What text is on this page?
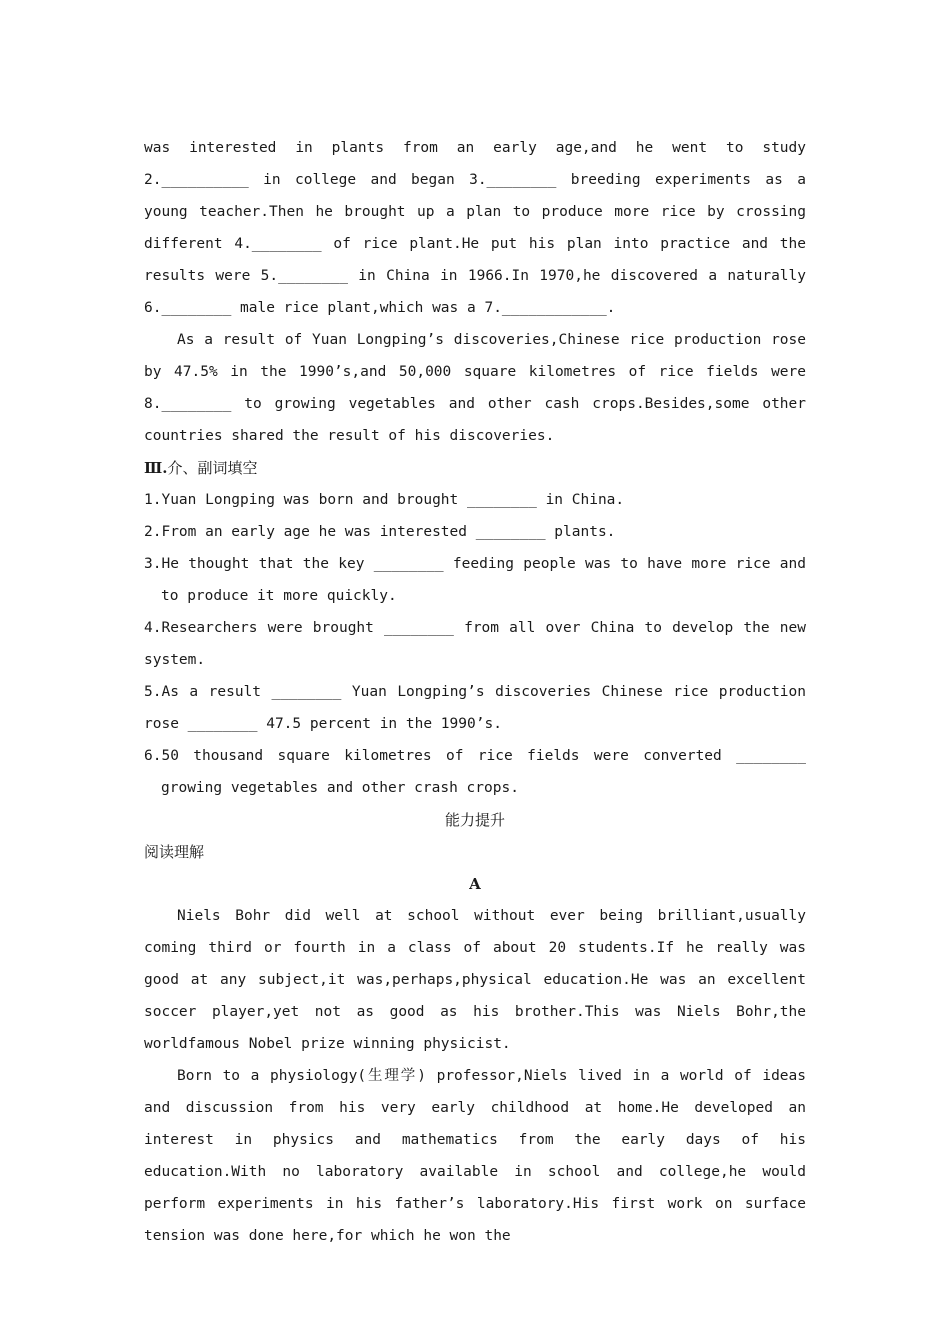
was interested in plants from an early age,and he went to study 2.__________ in college and began 3.________ breeding experiments as a young teacher.Then he brought up a plan to produce more rice by crossing different 4.________ of rice plant.He put his plan into practice and the results were 5.________ in China in 1966.In 1970,he discovered a naturally 6.________ male rice plant,which was a 7.____________.

As a result of Yuan Longping’s discoveries,Chinese rice production rose by 47.5% in the 1990’s,and 50,000 square kilometres of rice fields were 8.________ to growing vegetables and other cash crops.Besides,some other countries shared the result of his discoveries.

Ⅲ.介、副词填空

1.Yuan Longping was born and brought ________ in China.

2.From an early age he was interested ________ plants.

3.He thought that the key ________ feeding people was to have more rice and to produce it more quickly.

4.Researchers were brought ________ from all over China to develop the new system.

5.As a result ________ Yuan Longping’s discoveries Chinese rice production rose ________ 47.5 percent in the 1990’s.

6.50 thousand square kilometres of rice fields were converted ________ growing vegetables and other crash crops.

能力提升

阅读理解

A

Niels Bohr did well at school without ever being brilliant,usually coming third or fourth in a class of about 20 students.If he really was good at any subject,it was,perhaps,physical education.He was an excellent soccer player,yet not as good as his brother.This was Niels Bohr,the worldfamous Nobel prize winning physicist.

Born to a physiology(生理学) professor,Niels lived in a world of ideas and discussion from his very early childhood at home.He developed an interest in physics and mathematics from the early days of his education.With no laboratory available in school and college,he would perform experiments in his father’s laboratory.His first work on surface tension was done here,for which he won the
